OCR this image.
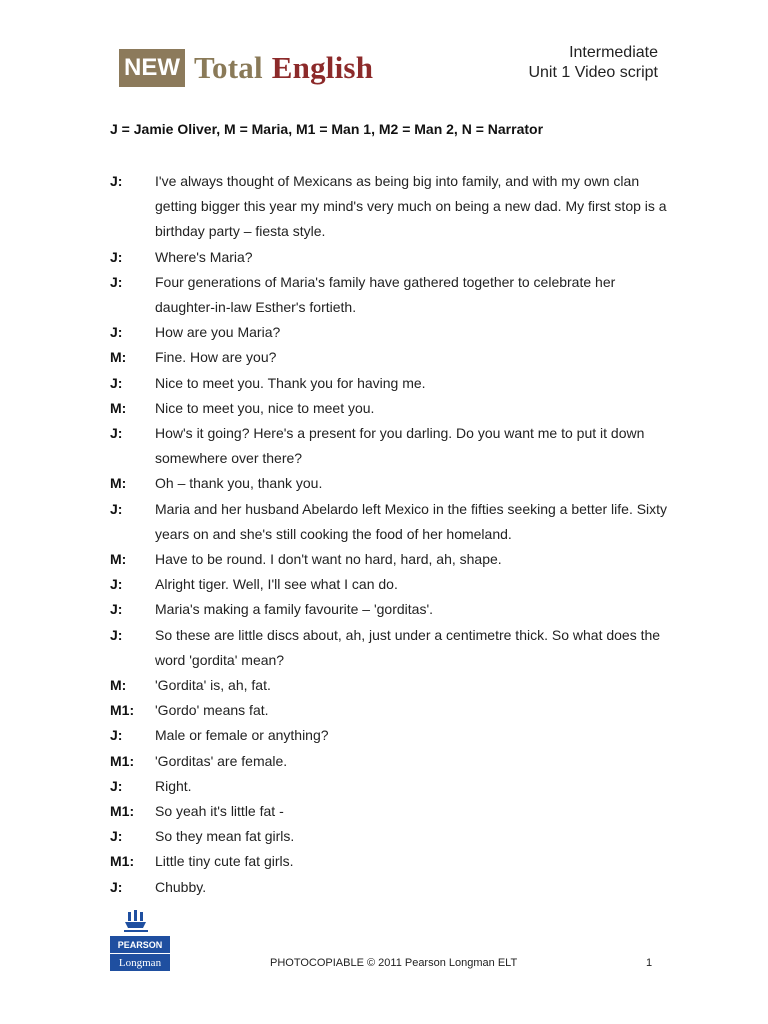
NEW Total English	Intermediate
Unit 1 Video script
J = Jamie Oliver, M = Maria, M1 = Man 1, M2 = Man 2, N = Narrator
J:	I've always thought of Mexicans as being big into family, and with my own clan getting bigger this year my mind's very much on being a new dad. My first stop is a birthday party – fiesta style.
J:	Where's Maria?
J:	Four generations of Maria's family have gathered together to celebrate her daughter-in-law Esther's fortieth.
J:	How are you Maria?
M:	Fine. How are you?
J:	Nice to meet you. Thank you for having me.
M:	Nice to meet you, nice to meet you.
J:	How's it going? Here's a present for you darling. Do you want me to put it down somewhere over there?
M:	Oh – thank you, thank you.
J:	Maria and her husband Abelardo left Mexico in the fifties seeking a better life. Sixty years on and she's still cooking the food of her homeland.
M:	Have to be round. I don't want no hard, hard, ah, shape.
J:	Alright tiger. Well, I'll see what I can do.
J:	Maria's making a family favourite – 'gorditas'.
J:	So these are little discs about, ah, just under a centimetre thick. So what does the word 'gordita' mean?
M:	'Gordita' is, ah, fat.
M1:	'Gordo' means fat.
J:	Male or female or anything?
M1:	'Gorditas' are female.
J:	Right.
M1:	So yeah it's little fat -
J:	So they mean fat girls.
M1:	Little tiny cute fat girls.
J:	Chubby.
PEARSON
Longman	PHOTOCOPIABLE © 2011 Pearson Longman ELT	1
